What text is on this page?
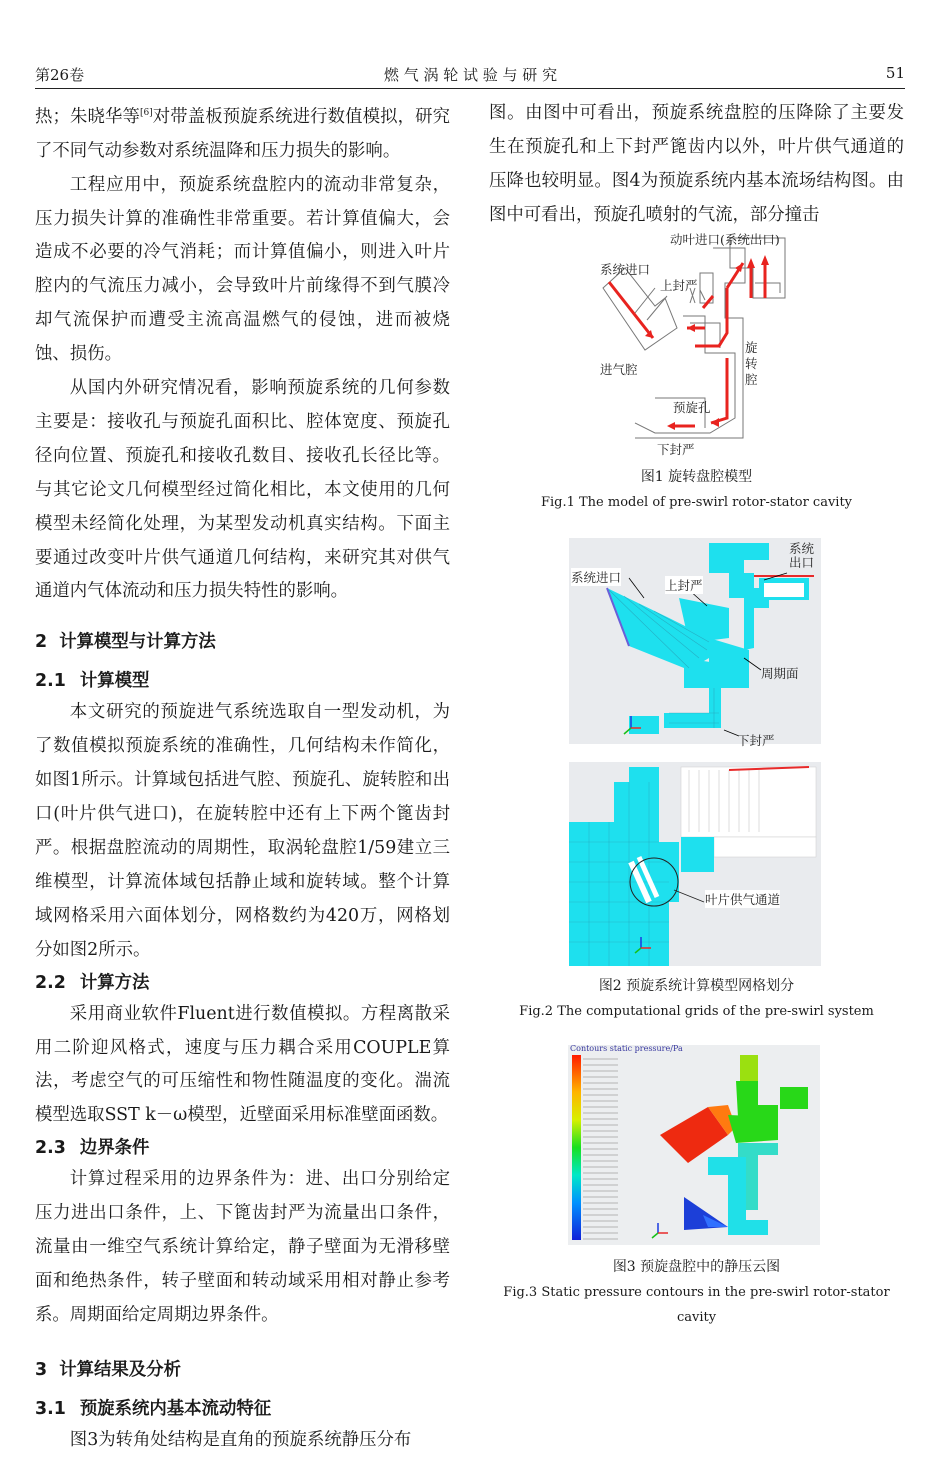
第26卷	燃 气 涡 轮 试 验 与 研 究	51

热；朱晓华等[6]对带盖板预旋系统进行数值模拟，研究了不同气动参数对系统温降和压力损失的影响。

工程应用中，预旋系统盘腔内的流动非常复杂，压力损失计算的准确性非常重要。若计算值偏大，会造成不必要的冷气消耗；而计算值偏小，则进入叶片腔内的气流压力减小，会导致叶片前缘得不到气膜冷却气流保护而遭受主流高温燃气的侵蚀，进而被烧蚀、损伤。

从国内外研究情况看，影响预旋系统的几何参数主要是：接收孔与预旋孔面积比、腔体宽度、预旋孔径向位置、预旋孔和接收孔数目、接收孔长径比等。与其它论文几何模型经过简化相比，本文使用的几何模型未经简化处理，为某型发动机真实结构。下面主要通过改变叶片供气通道几何结构，来研究其对供气通道内气体流动和压力损失特性的影响。

2 计算模型与计算方法

2.1 计算模型

本文研究的预旋进气系统选取自一型发动机，为了数值模拟预旋系统的准确性，几何结构未作简化，如图1所示。计算域包括进气腔、预旋孔、旋转腔和出口(叶片供气进口)，在旋转腔中还有上下两个篦齿封严。根据盘腔流动的周期性，取涡轮盘腔1/59建立三维模型，计算流体域包括静止域和旋转域。整个计算域网格采用六面体划分，网格数约为420万，网格划分如图2所示。

2.2 计算方法

采用商业软件Fluent进行数值模拟。方程离散采用二阶迎风格式，速度与压力耦合采用COUPLE算法，考虑空气的可压缩性和物性随温度的变化。湍流模型选取SST k－ω模型，近壁面采用标准壁面函数。

2.3 边界条件

计算过程采用的边界条件为：进、出口分别给定压力进出口条件，上、下篦齿封严为流量出口条件，流量由一维空气系统计算给定，静子壁面为无滑移壁面和绝热条件，转子壁面和转动域采用相对静止参考系。周期面给定周期边界条件。

3 计算结果及分析

3.1 预旋系统内基本流动特征

图3为转角处结构是直角的预旋系统静压分布

图。由图中可看出，预旋系统盘腔的压降除了主要发生在预旋孔和上下封严篦齿内以外，叶片供气通道的压降也较明显。图4为预旋系统内基本流场结构图。由图中可看出，预旋孔喷射的气流，部分撞击

动叶进口(系统出口)
系统进口
上封严
进气腔
预旋孔
旋
转
腔
下封严
图1 旋转盘腔模型
Fig.1 The model of pre-swirl rotor-stator cavity
系统
出口
系统进口
上封严
周期面
下封严
叶片供气通道
图2 预旋系统计算模型网格划分
Fig.2 The computational grids of the pre-swirl system
Contours static pressure/Pa
图3 预旋盘腔中的静压云图
Fig.3 Static pressure contours in the pre-swirl rotor-stator cavity
